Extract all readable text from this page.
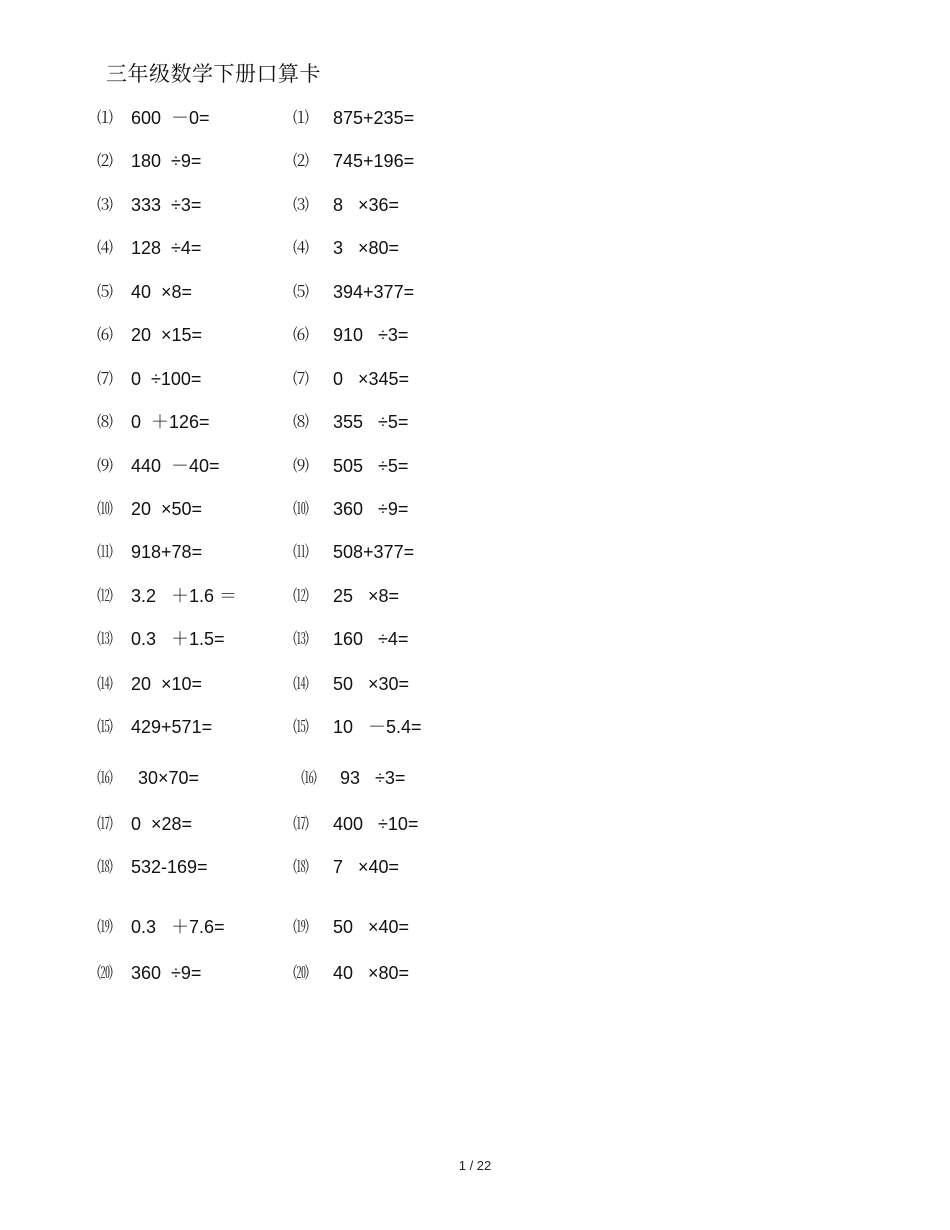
三年级数学下册口算卡
⑴ 600  －0=	⑴ 875+235=
⑵ 180  ÷9=	⑵ 745+196=
⑶ 333  ÷3=	⑶ 8   ×36=
⑷ 128  ÷4=	⑷ 3   ×80=
⑸ 40  ×8=	⑸ 394+377=
⑹ 20  ×15=	⑹ 910   ÷3=
⑺ 0  ÷100=	⑺ 0   ×345=
⑻ 0  ＋126=	⑻ 355   ÷5=
⑼ 440  －40=	⑼ 505   ÷5=
⑽ 20  ×50=	⑽ 360   ÷9=
⑾ 918+78=	⑾ 508+377=
⑿ 3.2   ＋1.6 ＝	⑿ 25   ×8=
⒀ 0.3   ＋1.5=	⒀ 160   ÷4=
⒁ 20  ×10=	⒁ 50   ×30=
⒂ 429+571=	⒂ 10   －5.4=
⒃ 30×70=	⒃ 93   ÷3=
⒄ 0  ×28=	⒄ 400   ÷10=
⒅ 532-169=	⒅ 7   ×40=
⒆ 0.3   ＋7.6=	⒆ 50   ×40=
⒇ 360  ÷9=	⒇ 40   ×80=
1 / 22
